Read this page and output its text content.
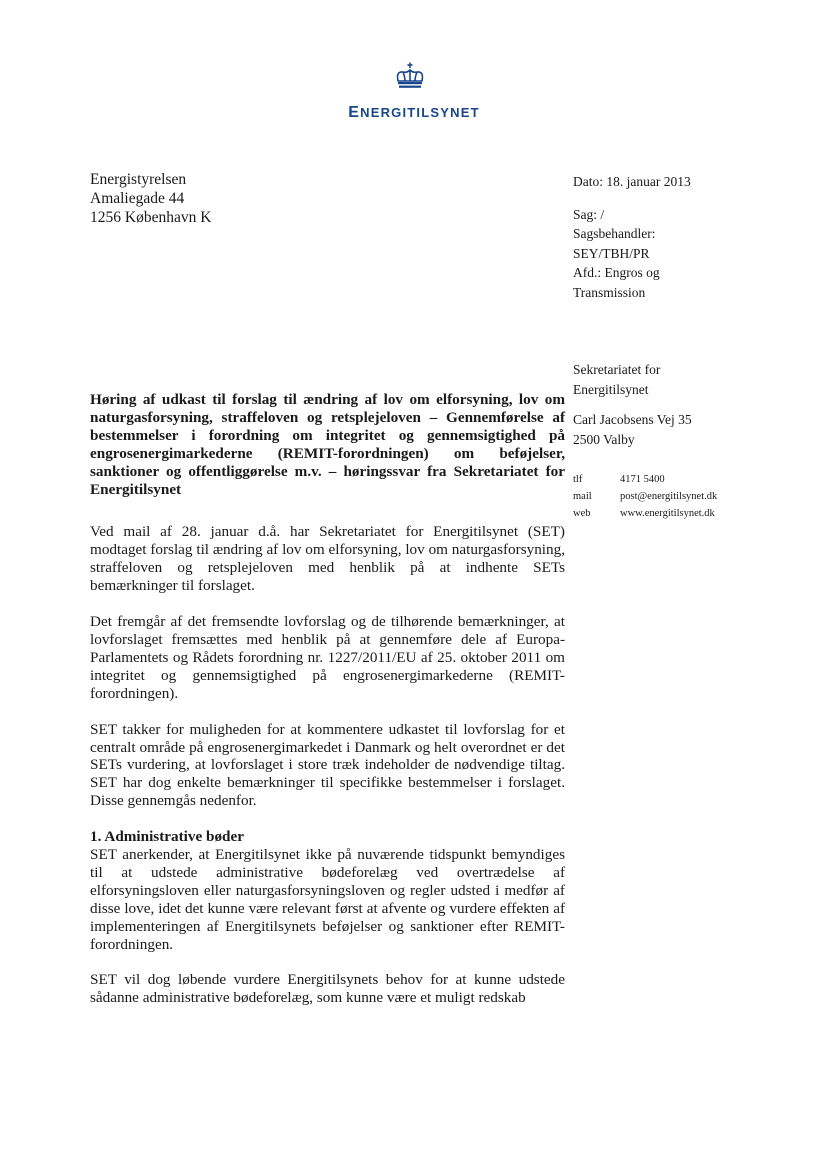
ENERGITILSYNET
Energistyrelsen
Amaliegade 44
1256 København K
Dato: 18. januar 2013
Sag: /
Sagsbehandler:
SEY/TBH/PR
Afd.: Engros og
Transmission
Sekretariatet for
Energitilsynet
Carl Jacobsens Vej 35
2500 Valby
tlf	4171 5400
mail	post@energitilsynet.dk
web	www.energitilsynet.dk

Høring af udkast til forslag til ændring af lov om elforsyning, lov om naturgasforsyning, straffeloven og retsplejeloven – Gennemførelse af bestemmelser i forordning om integritet og gennemsigtighed på engrosenergimarkederne (REMIT-forordningen) om beføjelser, sanktioner og offentliggørelse m.v. – høringssvar fra Sekretariatet for Energitilsynet

Ved mail af 28. januar d.å. har Sekretariatet for Energitilsynet (SET) modtaget forslag til ændring af lov om elforsyning, lov om naturgasforsyning, straffeloven og retsplejeloven med henblik på at indhente SETs bemærkninger til forslaget.

Det fremgår af det fremsendte lovforslag og de tilhørende bemærkninger, at lovforslaget fremsættes med henblik på at gennemføre dele af Europa-Parlamentets og Rådets forordning nr. 1227/2011/EU af 25. oktober 2011 om integritet og gennemsigtighed på engrosenergimarkederne (REMIT-forordningen).

SET takker for muligheden for at kommentere udkastet til lovforslag for et centralt område på engrosenergimarkedet i Danmark og helt overordnet er det SETs vurdering, at lovforslaget i store træk indeholder de nødvendige tiltag. SET har dog enkelte bemærkninger til specifikke bestemmelser i forslaget. Disse gennemgås nedenfor.

1. Administrative bøder

SET anerkender, at Energitilsynet ikke på nuværende tidspunkt bemyndiges til at udstede administrative bødeforelæg ved overtrædelse af elforsyningsloven eller naturgasforsyningsloven og regler udsted i medfør af disse love, idet det kunne være relevant først at afvente og vurdere effekten af implementeringen af Energitilsynets beføjelser og sanktioner efter REMIT-forordningen.

SET vil dog løbende vurdere Energitilsynets behov for at kunne udstede sådanne administrative bødeforelæg, som kunne være et muligt redskab
